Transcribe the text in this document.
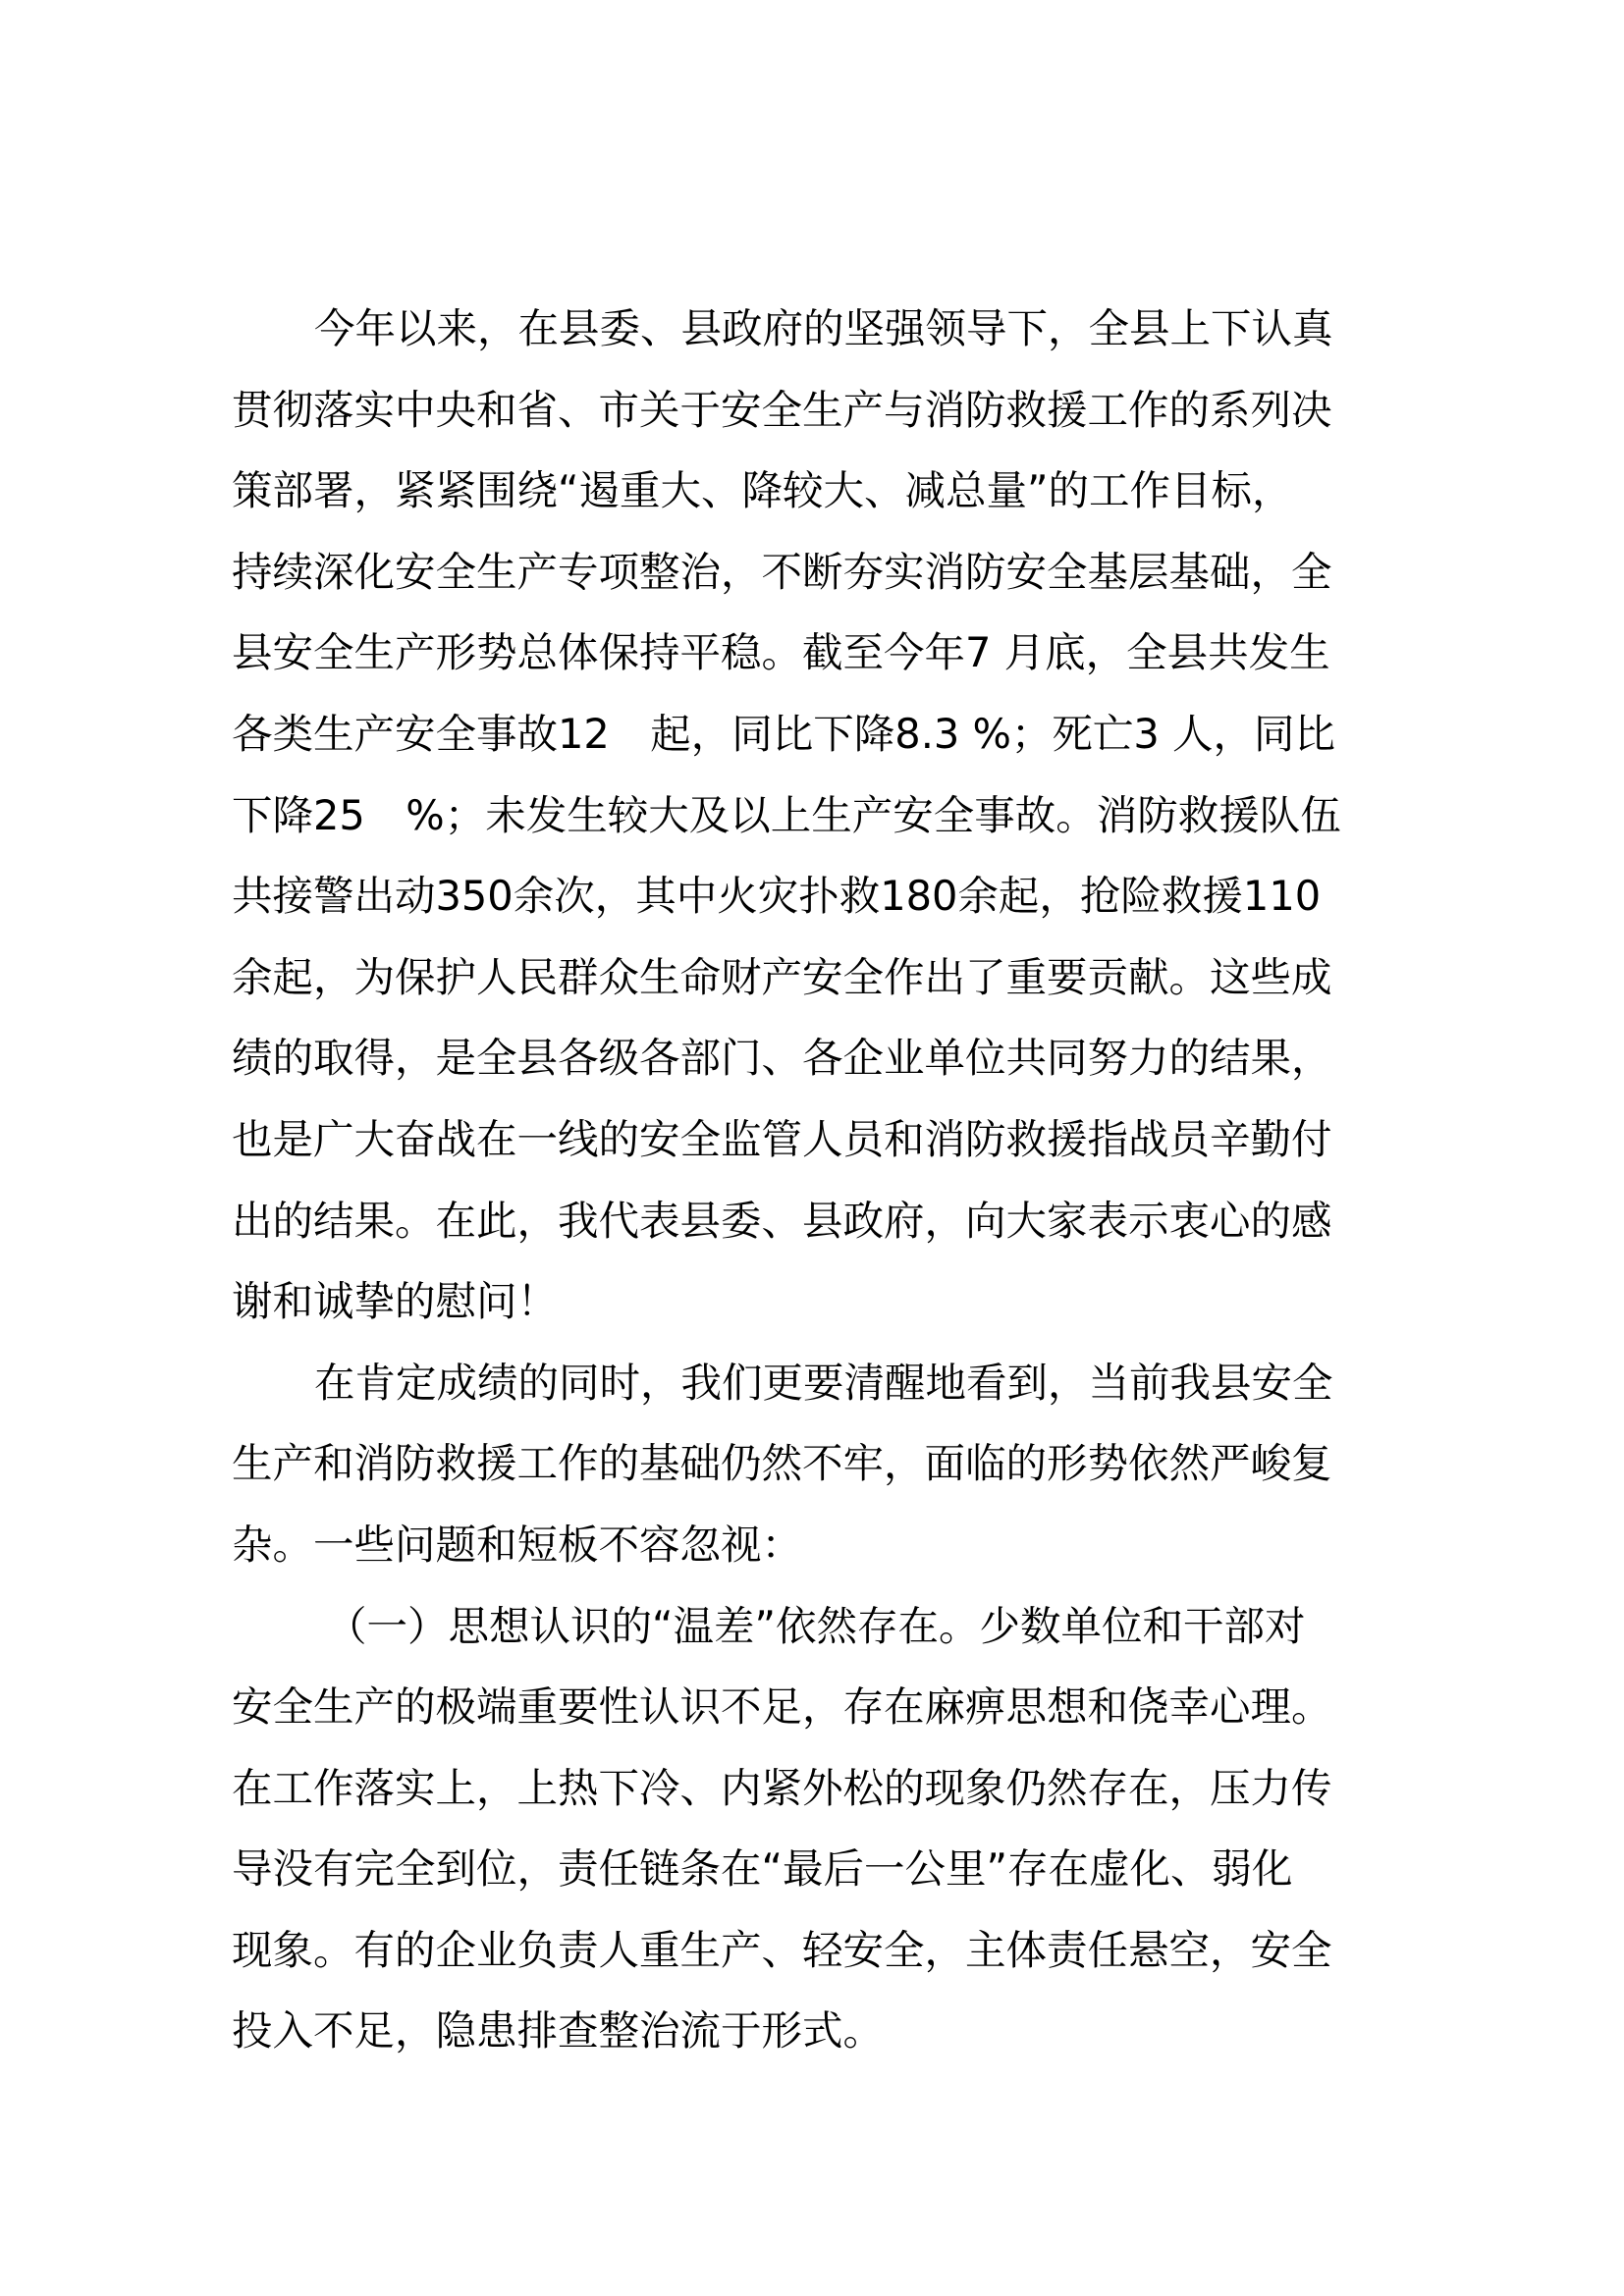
今年以来，在县委、县政府的坚强领导下，全县上下认真
贯彻落实中央和省、市关于安全生产与消防救援工作的系列决
策部署，紧紧围绕“遏重大、降较大、减总量”的工作目标，
持续深化安全生产专项整治，不断夯实消防安全基层基础，全
县安全生产形势总体保持平稳。截至今年7 月底，全县共发生
各类生产安全事故12　起，同比下降8.3 %；死亡3 人，同比
下降25　%；未发生较大及以上生产安全事故。消防救援队伍
共接警出动350余次，其中火灾扑救180余起，抢险救援110
余起，为保护人民群众生命财产安全作出了重要贡献。这些成
绩的取得，是全县各级各部门、各企业单位共同努力的结果，
也是广大奋战在一线的安全监管人员和消防救援指战员辛勤付
出的结果。在此，我代表县委、县政府，向大家表示衷心的感
谢和诚挚的慰问！
在肯定成绩的同时，我们更要清醒地看到，当前我县安全
生产和消防救援工作的基础仍然不牢，面临的形势依然严峻复
杂。一些问题和短板不容忽视：
（一）思想认识的“温差”依然存在。少数单位和干部对
安全生产的极端重要性认识不足，存在麻痹思想和侥幸心理。
在工作落实上，上热下冷、内紧外松的现象仍然存在，压力传
导没有完全到位，责任链条在“最后一公里”存在虚化、弱化
现象。有的企业负责人重生产、轻安全，主体责任悬空，安全
投入不足，隐患排查整治流于形式。
